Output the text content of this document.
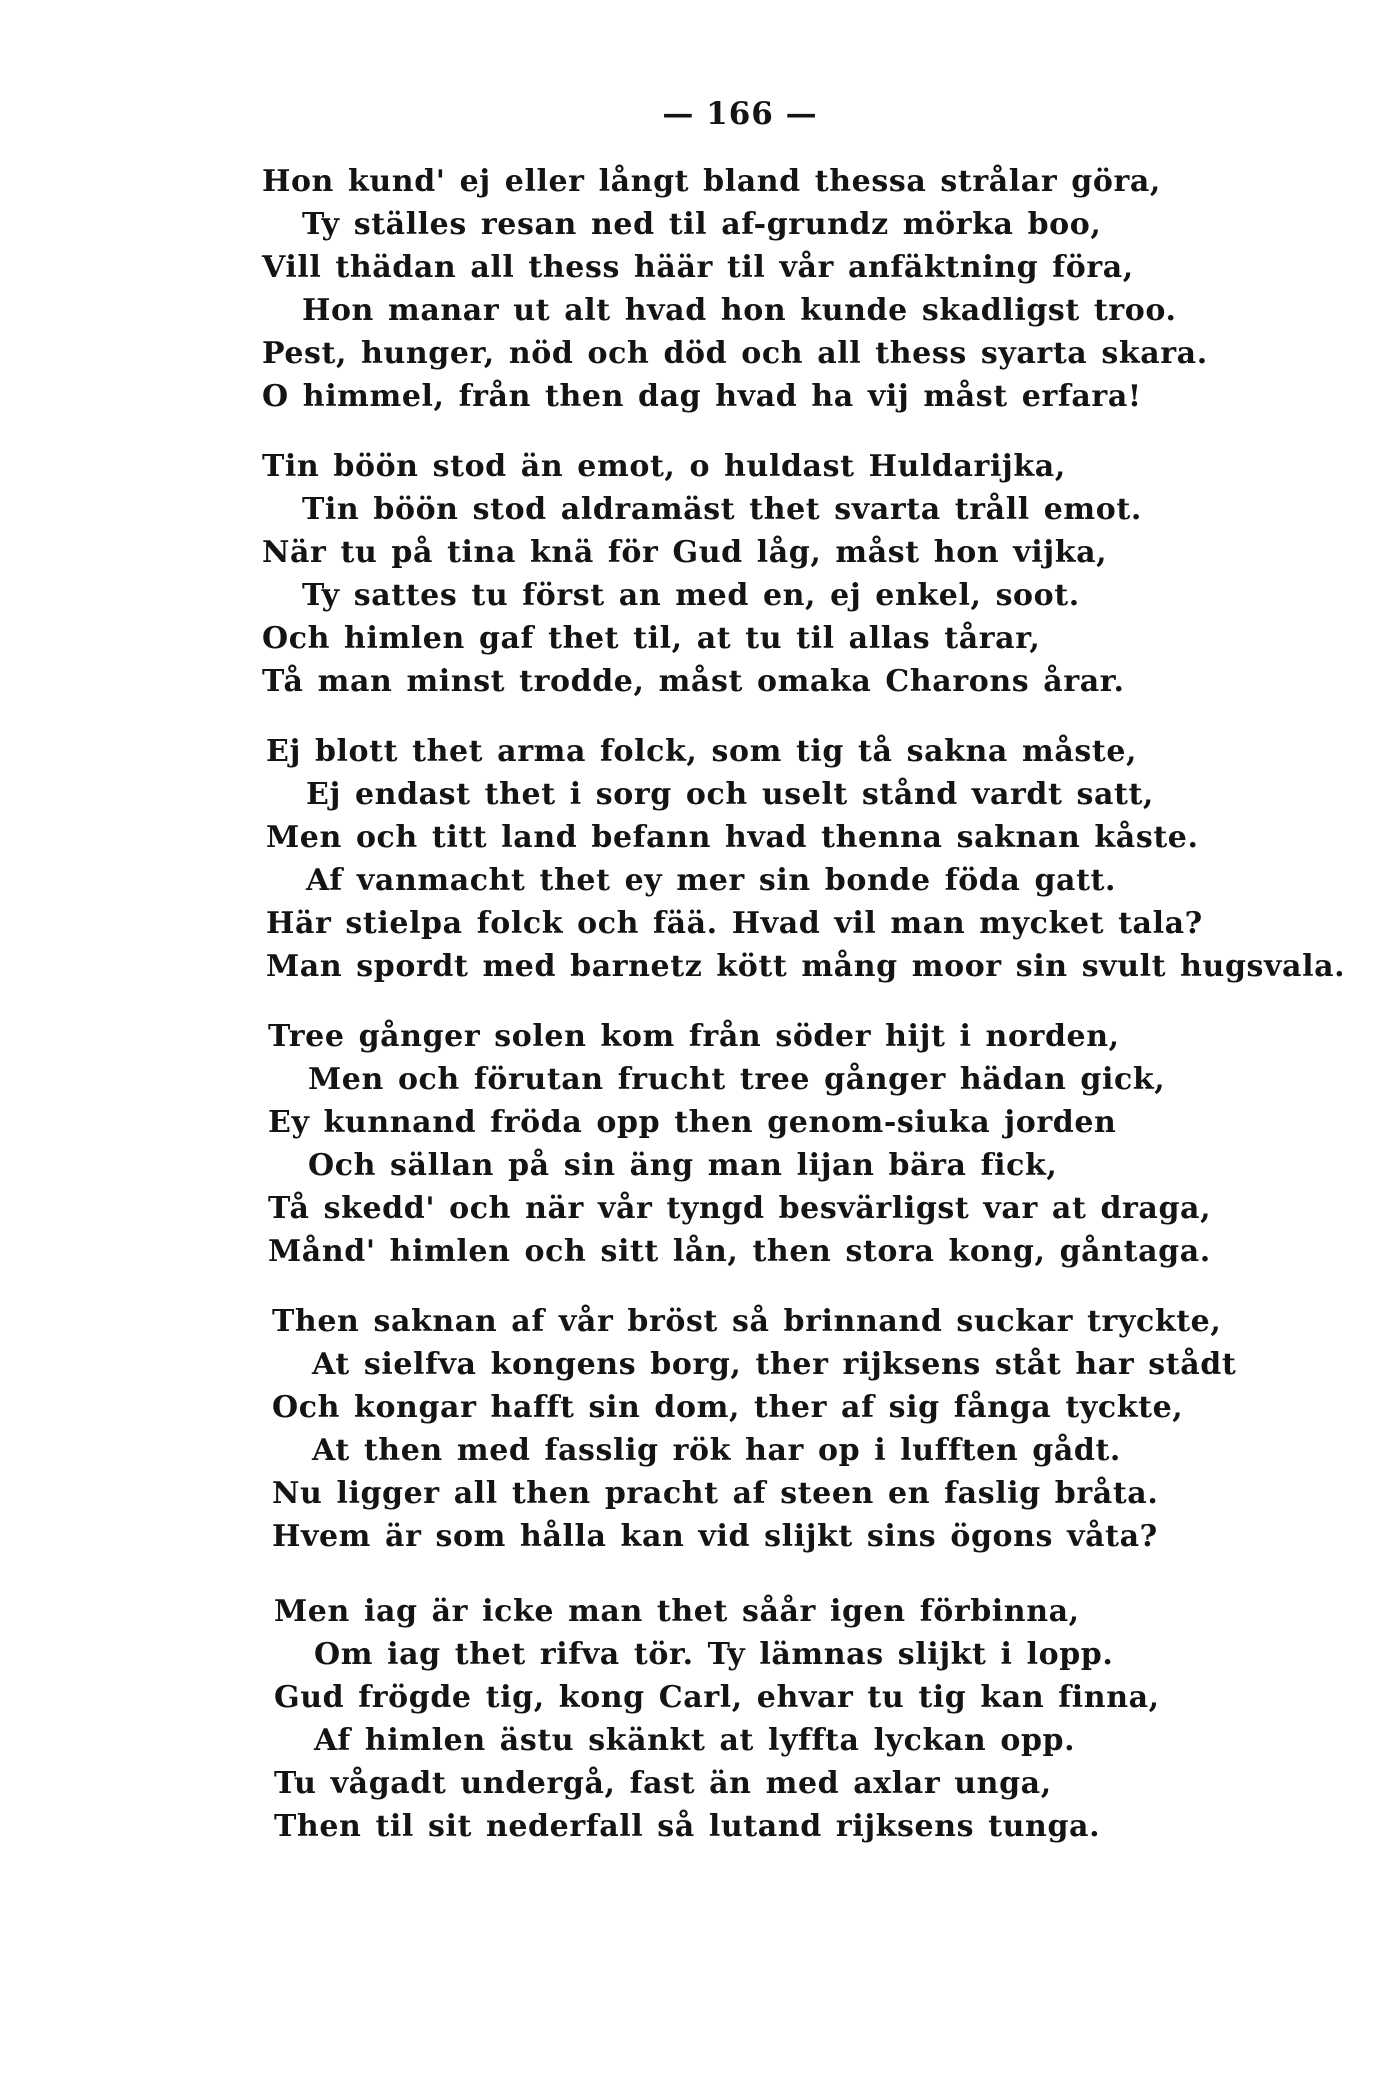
— 166 —
Hon kund' ej eller långt bland thessa strålar göra,
Ty ställes resan ned til af-grundz mörka boo,
Vill thädan all thess häär til vår anfäktning föra,
Hon manar ut alt hvad hon kunde skadligst troo.
Pest, hunger, nöd och död och all thess syarta skara.
O himmel, från then dag hvad ha vij måst erfara!
Tin böön stod än emot, o huldast Huldarijka,
Tin böön stod aldramäst thet svarta tråll emot.
När tu på tina knä för Gud låg, måst hon vijka,
Ty sattes tu först an med en, ej enkel, soot.
Och himlen gaf thet til, at tu til allas tårar,
Tå man minst trodde, måst omaka Charons årar.
Ej blott thet arma folck, som tig tå sakna måste,
Ej endast thet i sorg och uselt stånd vardt satt,
Men och titt land befann hvad thenna saknan kåste.
Af vanmacht thet ey mer sin bonde föda gatt.
Här stielpa folck och fää. Hvad vil man mycket tala?
Man spordt med barnetz kött mång moor sin svult hugsvala.
Tree gånger solen kom från söder hijt i norden,
Men och förutan frucht tree gånger hädan gick,
Ey kunnand fröda opp then genom-siuka jorden
Och sällan på sin äng man lijan bära fick,
Tå skedd' och när vår tyngd besvärligst var at draga,
Månd' himlen och sitt lån, then stora kong, gåntaga.
Then saknan af vår bröst så brinnand suckar tryckte,
At sielfva kongens borg, ther rijksens ståt har stådt
Och kongar hafft sin dom, ther af sig fånga tyckte,
At then med fasslig rök har op i lufften gådt.
Nu ligger all then pracht af steen en faslig bråta.
Hvem är som hålla kan vid slijkt sins ögons våta?
Men iag är icke man thet såår igen förbinna,
Om iag thet rifva tör. Ty lämnas slijkt i lopp.
Gud frögde tig, kong Carl, ehvar tu tig kan finna,
Af himlen ästu skänkt at lyffta lyckan opp.
Tu vågadt undergå, fast än med axlar unga,
Then til sit nederfall så lutand rijksens tunga.
